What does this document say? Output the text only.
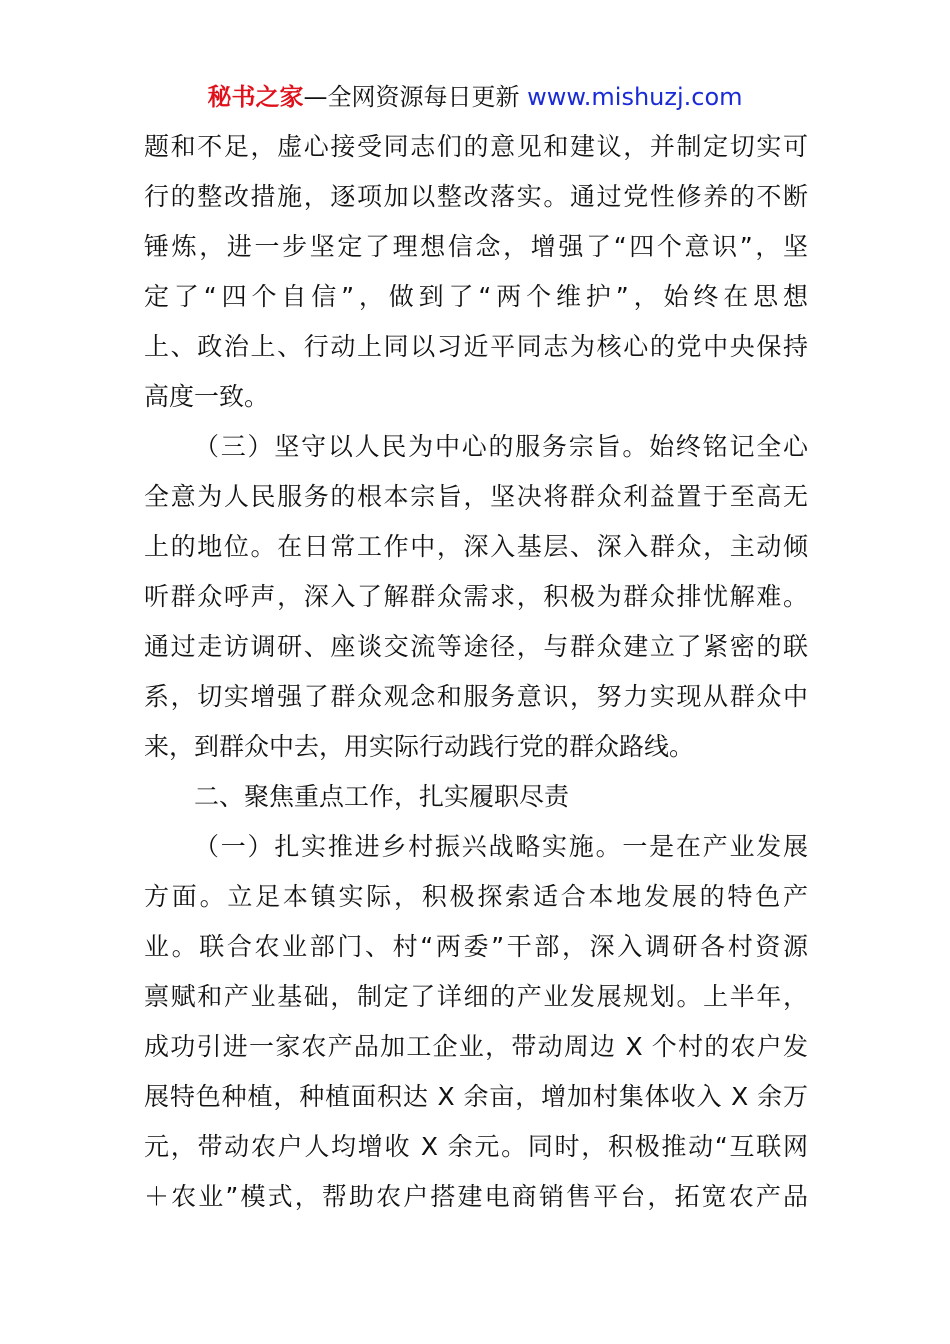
秘书之家—全网资源每日更新 www.mishuzj.com
题和不足，虚心接受同志们的意见和建议，并制定切实可
行的整改措施，逐项加以整改落实。通过党性修养的不断
锤炼，进一步坚定了理想信念，增强了“四个意识”，坚
定了“四个自信”，做到了“两个维护”，始终在思想
上、政治上、行动上同以习近平同志为核心的党中央保持
高度一致。
（三）坚守以人民为中心的服务宗旨。始终铭记全心
全意为人民服务的根本宗旨，坚决将群众利益置于至高无
上的地位。在日常工作中，深入基层、深入群众，主动倾
听群众呼声，深入了解群众需求，积极为群众排忧解难。
通过走访调研、座谈交流等途径，与群众建立了紧密的联
系，切实增强了群众观念和服务意识，努力实现从群众中
来，到群众中去，用实际行动践行党的群众路线。
二、聚焦重点工作，扎实履职尽责
（一）扎实推进乡村振兴战略实施。一是在产业发展
方面。立足本镇实际，积极探索适合本地发展的特色产
业。联合农业部门、村“两委”干部，深入调研各村资源
禀赋和产业基础，制定了详细的产业发展规划。上半年，
成功引进一家农产品加工企业，带动周边 X 个村的农户发
展特色种植，种植面积达 X 余亩，增加村集体收入 X 余万
元，带动农户人均增收 X 余元。同时，积极推动“互联网
＋农业”模式，帮助农户搭建电商销售平台，拓宽农产品
